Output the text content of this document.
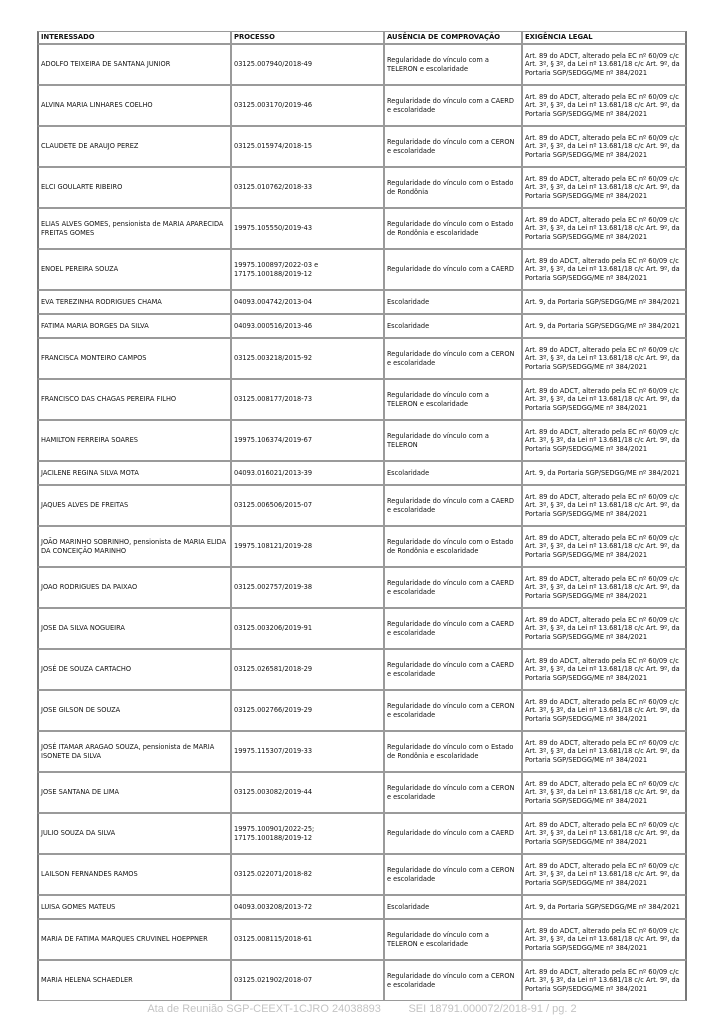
INTERESSADO	PROCESSO	AUSÊNCIA DE COMPROVAÇÃO	EXIGÊNCIA LEGAL
ADOLFO TEIXEIRA DE SANTANA JUNIOR	03125.007940/2018-49	Regularidade do vínculo com a TELERON e escolaridade	Art. 89 do ADCT, alterado pela EC nº 60/09 c/c Art. 3º, § 3º, da Lei nº 13.681/18 c/c Art. 9º, da Portaria SGP/SEDGG/ME nº 384/2021
ALVINA MARIA LINHARES COELHO	03125.003170/2019-46	Regularidade do vínculo com a CAERD e escolaridade	Art. 89 do ADCT, alterado pela EC nº 60/09 c/c Art. 3º, § 3º, da Lei nº 13.681/18 c/c Art. 9º, da Portaria SGP/SEDGG/ME nº 384/2021
CLAUDETE DE ARAUJO PEREZ	03125.015974/2018-15	Regularidade do vínculo com a CERON e escolaridade	Art. 89 do ADCT, alterado pela EC nº 60/09 c/c Art. 3º, § 3º, da Lei nº 13.681/18 c/c Art. 9º, da Portaria SGP/SEDGG/ME nº 384/2021
ELCI GOULARTE RIBEIRO	03125.010762/2018-33	Regularidade do vínculo com o Estado de Rondônia	Art. 89 do ADCT, alterado pela EC nº 60/09 c/c Art. 3º, § 3º, da Lei nº 13.681/18 c/c Art. 9º, da Portaria SGP/SEDGG/ME nº 384/2021
ELIAS ALVES GOMES, pensionista de MARIA APARECIDA FREITAS GOMES	19975.105550/2019-43	Regularidade do vínculo com o Estado de Rondônia e escolaridade	Art. 89 do ADCT, alterado pela EC nº 60/09 c/c Art. 3º, § 3º, da Lei nº 13.681/18 c/c Art. 9º, da Portaria SGP/SEDGG/ME nº 384/2021
ENOEL PEREIRA SOUZA	19975.100897/2022-03 e 17175.100188/2019-12	Regularidade do vínculo com a CAERD	Art. 89 do ADCT, alterado pela EC nº 60/09 c/c Art. 3º, § 3º, da Lei nº 13.681/18 c/c Art. 9º, da Portaria SGP/SEDGG/ME nº 384/2021
EVA TEREZINHA RODRIGUES CHAMA	04093.004742/2013-04	Escolaridade	Art. 9, da Portaria SGP/SEDGG/ME nº 384/2021
FATIMA MARIA BORGES DA SILVA	04093.000516/2013-46	Escolaridade	Art. 9, da Portaria SGP/SEDGG/ME nº 384/2021
FRANCISCA MONTEIRO CAMPOS	03125.003218/2015-92	Regularidade do vínculo com a CERON e escolaridade	Art. 89 do ADCT, alterado pela EC nº 60/09 c/c Art. 3º, § 3º, da Lei nº 13.681/18 c/c Art. 9º, da Portaria SGP/SEDGG/ME nº 384/2021
FRANCISCO DAS CHAGAS PEREIRA FILHO	03125.008177/2018-73	Regularidade do vínculo com a TELERON e escolaridade	Art. 89 do ADCT, alterado pela EC nº 60/09 c/c Art. 3º, § 3º, da Lei nº 13.681/18 c/c Art. 9º, da Portaria SGP/SEDGG/ME nº 384/2021
HAMILTON FERREIRA SOARES	19975.106374/2019-67	Regularidade do vínculo com a TELERON	Art. 89 do ADCT, alterado pela EC nº 60/09 c/c Art. 3º, § 3º, da Lei nº 13.681/18 c/c Art. 9º, da Portaria SGP/SEDGG/ME nº 384/2021
JACILENE REGINA SILVA MOTA	04093.016021/2013-39	Escolaridade	Art. 9, da Portaria SGP/SEDGG/ME nº 384/2021
JAQUES ALVES DE FREITAS	03125.006506/2015-07	Regularidade do vínculo com a CAERD e escolaridade	Art. 89 do ADCT, alterado pela EC nº 60/09 c/c Art. 3º, § 3º, da Lei nº 13.681/18 c/c Art. 9º, da Portaria SGP/SEDGG/ME nº 384/2021
JOÃO MARINHO SOBRINHO, pensionista de MARIA ELIDA DA CONCEIÇÃO MARINHO	19975.108121/2019-28	Regularidade do vínculo com o Estado de Rondônia e escolaridade	Art. 89 do ADCT, alterado pela EC nº 60/09 c/c Art. 3º, § 3º, da Lei nº 13.681/18 c/c Art. 9º, da Portaria SGP/SEDGG/ME nº 384/2021
JOAO RODRIGUES DA PAIXAO	03125.002757/2019-38	Regularidade do vínculo com a CAERD e escolaridade	Art. 89 do ADCT, alterado pela EC nº 60/09 c/c Art. 3º, § 3º, da Lei nº 13.681/18 c/c Art. 9º, da Portaria SGP/SEDGG/ME nº 384/2021
JOSE DA SILVA NOGUEIRA	03125.003206/2019-91	Regularidade do vínculo com a CAERD e escolaridade	Art. 89 do ADCT, alterado pela EC nº 60/09 c/c Art. 3º, § 3º, da Lei nº 13.681/18 c/c Art. 9º, da Portaria SGP/SEDGG/ME nº 384/2021
JOSÉ DE SOUZA CARTACHO	03125.026581/2018-29	Regularidade do vínculo com a CAERD e escolaridade	Art. 89 do ADCT, alterado pela EC nº 60/09 c/c Art. 3º, § 3º, da Lei nº 13.681/18 c/c Art. 9º, da Portaria SGP/SEDGG/ME nº 384/2021
JOSE GILSON DE SOUZA	03125.002766/2019-29	Regularidade do vínculo com a CERON e escolaridade	Art. 89 do ADCT, alterado pela EC nº 60/09 c/c Art. 3º, § 3º, da Lei nº 13.681/18 c/c Art. 9º, da Portaria SGP/SEDGG/ME nº 384/2021
JOSÉ ITAMAR ARAGAO SOUZA, pensionista de MARIA ISONETE DA SILVA	19975.115307/2019-33	Regularidade do vínculo com o Estado de Rondônia e escolaridade	Art. 89 do ADCT, alterado pela EC nº 60/09 c/c Art. 3º, § 3º, da Lei nº 13.681/18 c/c Art. 9º, da Portaria SGP/SEDGG/ME nº 384/2021
JOSE SANTANA DE LIMA	03125.003082/2019-44	Regularidade do vínculo com a CERON e escolaridade	Art. 89 do ADCT, alterado pela EC nº 60/09 c/c Art. 3º, § 3º, da Lei nº 13.681/18 c/c Art. 9º, da Portaria SGP/SEDGG/ME nº 384/2021
JULIO SOUZA DA SILVA	19975.100901/2022-25; 17175.100188/2019-12	Regularidade do vínculo com a CAERD	Art. 89 do ADCT, alterado pela EC nº 60/09 c/c Art. 3º, § 3º, da Lei nº 13.681/18 c/c Art. 9º, da Portaria SGP/SEDGG/ME nº 384/2021
LAILSON FERNANDES RAMOS	03125.022071/2018-82	Regularidade do vínculo com a CERON e escolaridade	Art. 89 do ADCT, alterado pela EC nº 60/09 c/c Art. 3º, § 3º, da Lei nº 13.681/18 c/c Art. 9º, da Portaria SGP/SEDGG/ME nº 384/2021
LUISA GOMES MATEUS	04093.003208/2013-72	Escolaridade	Art. 9, da Portaria SGP/SEDGG/ME nº 384/2021
MARIA DE FATIMA MARQUES CRUVINEL HOEPPNER	03125.008115/2018-61	Regularidade do vínculo com a TELERON e escolaridade	Art. 89 do ADCT, alterado pela EC nº 60/09 c/c Art. 3º, § 3º, da Lei nº 13.681/18 c/c Art. 9º, da Portaria SGP/SEDGG/ME nº 384/2021
MARIA HELENA SCHAEDLER	03125.021902/2018-07	Regularidade do vínculo com a CERON e escolaridade	Art. 89 do ADCT, alterado pela EC nº 60/09 c/c Art. 3º, § 3º, da Lei nº 13.681/18 c/c Art. 9º, da Portaria SGP/SEDGG/ME nº 384/2021
Ata de Reunião SGP-CEEXT-1CJRO 24038893	SEI 18791.000072/2018-91 / pg. 2
